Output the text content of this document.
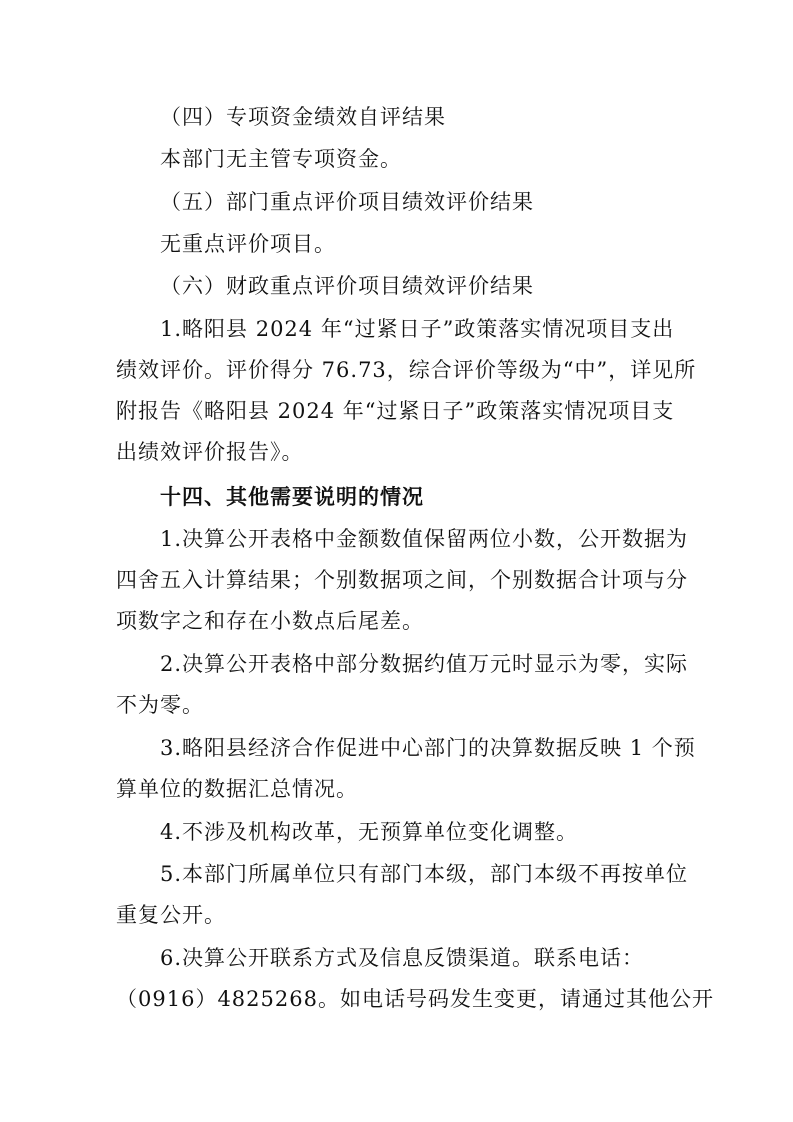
（四）专项资金绩效自评结果
本部门无主管专项资金。
（五）部门重点评价项目绩效评价结果
无重点评价项目。
（六）财政重点评价项目绩效评价结果
1.略阳县 2024 年“过紧日子”政策落实情况项目支出
绩效评价。评价得分 76.73，综合评价等级为“中”，详见所
附报告《略阳县 2024 年“过紧日子”政策落实情况项目支
出绩效评价报告》。
十四、其他需要说明的情况
1.决算公开表格中金额数值保留两位小数，公开数据为
四舍五入计算结果；个别数据项之间，个别数据合计项与分
项数字之和存在小数点后尾差。
2.决算公开表格中部分数据约值万元时显示为零，实际
不为零。
3.略阳县经济合作促进中心部门的决算数据反映 1 个预
算单位的数据汇总情况。
4.不涉及机构改革，无预算单位变化调整。
5.本部门所属单位只有部门本级，部门本级不再按单位
重复公开。
6.决算公开联系方式及信息反馈渠道。联系电话：
（0916）4825268。如电话号码发生变更，请通过其他公开
